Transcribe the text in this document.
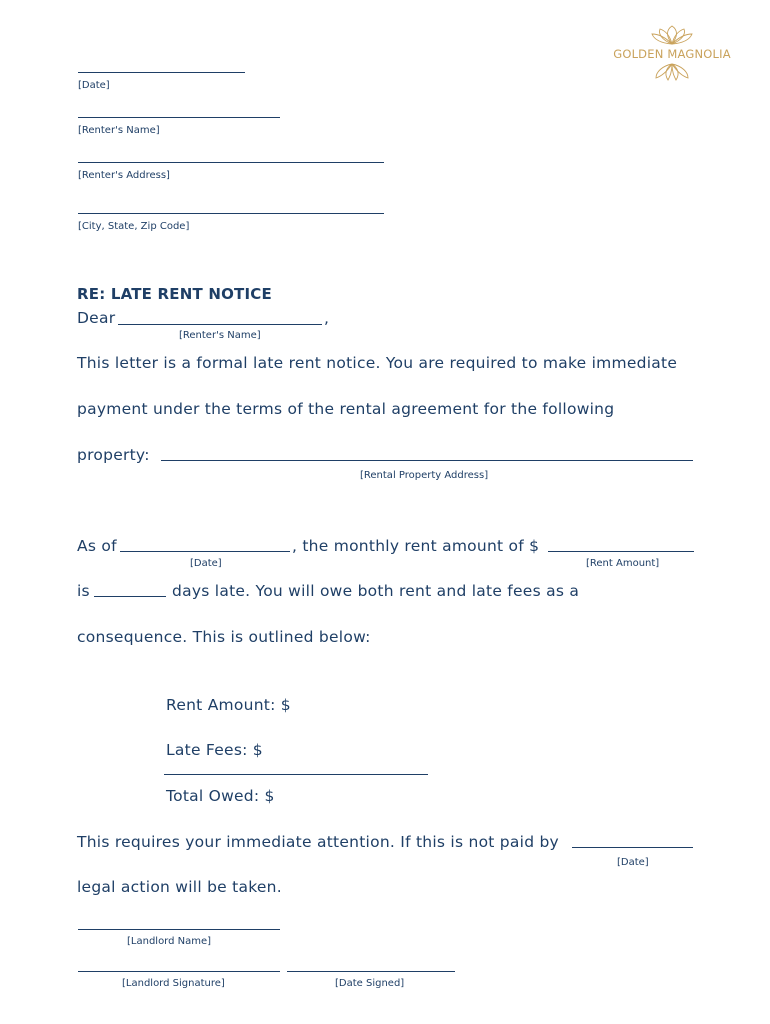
GOLDEN MAGNOLIA
[Date]
[Renter's Name]
[Renter's Address]
[City, State, Zip Code]
RE: LATE RENT NOTICE
Dear	,
[Renter's Name]
This letter is a formal late rent notice. You are required to make immediate
payment under the terms of the rental agreement for the following
property:
[Rental Property Address]
As of	, the monthly rent amount of $
[Date]	[Rent Amount]
is	days late. You will owe both rent and late fees as a
consequence. This is outlined below:
Rent Amount: $
Late Fees: $
Total Owed: $
This requires your immediate attention. If this is not paid by
[Date]
legal action will be taken.
[Landlord Name]
[Landlord Signature]	[Date Signed]
